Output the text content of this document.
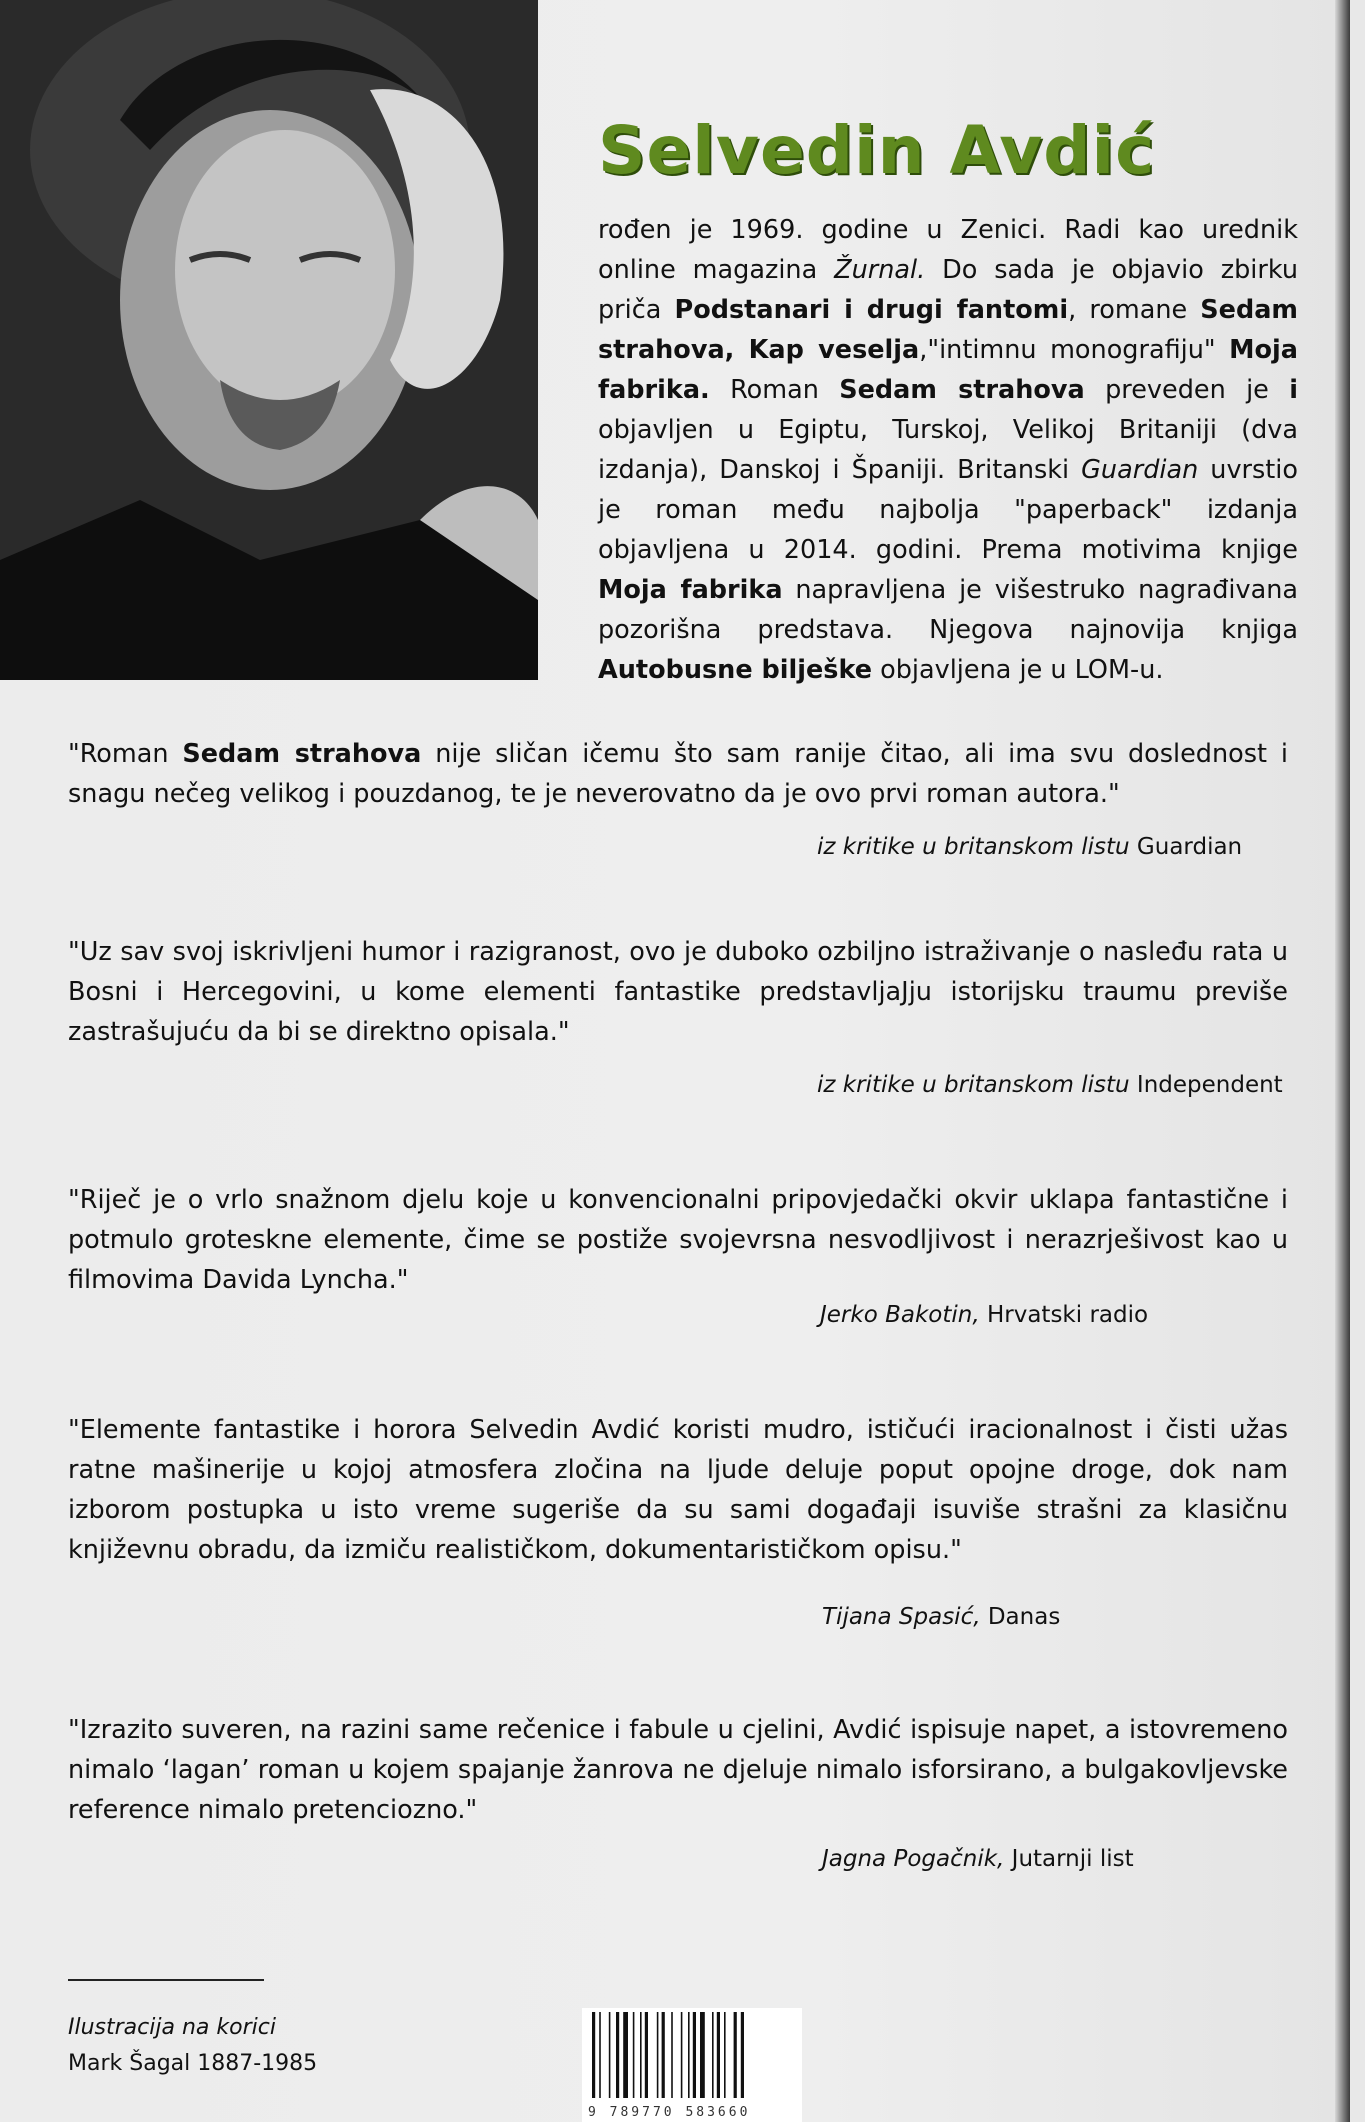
Selvedin Avdić

rođen je 1969. godine u Zenici. Radi kao urednik online magazina Žurnal. Do sada je objavio zbirku priča Podstanari i drugi fantomi, romane Sedam strahova, Kap veselja,"intimnu monografiju" Moja fabrika. Roman Sedam strahova preveden je i objavljen u Egiptu, Turskoj, Velikoj Britaniji (dva izdanja), Danskoj i Španiji. Britanski Guardian uvrstio je roman među najbolja "paperback" izdanja objavljena u 2014. godini. Prema motivima knjige Moja fabrika napravljena je višestruko nagrađivana pozorišna predstava. Njegova najnovija knjiga Autobusne bilješke objavljena je u LOM-u.

"Roman Sedam strahova nije sličan ičemu što sam ranije čitao, ali ima svu doslednost i snagu nečeg velikog i pouzdanog, te je neverovatno da je ovo prvi roman autora."

iz kritike u britanskom listu Guardian

"Uz sav svoj iskrivljeni humor i razigranost, ovo je duboko ozbiljno istraživanje o nasleđu rata u Bosni i Hercegovini, u kome elementi fantastike predstavljaJju istorijsku traumu previše zastrašujuću da bi se direktno opisala."

iz kritike u britanskom listu Independent

"Riječ je o vrlo snažnom djelu koje u konvencionalni pripovjedački okvir uklapa fantastične i potmulo groteskne elemente, čime se postiže svojevrsna nesvodljivost i nerazrješivost kao u filmovima Davida Lyncha."

Jerko Bakotin, Hrvatski radio

"Elemente fantastike i horora Selvedin Avdić koristi mudro, ističući iracionalnost i čisti užas ratne mašinerije u kojoj atmosfera zločina na ljude deluje poput opojne droge, dok nam izborom postupka u isto vreme sugeriše da su sami događaji isuviše strašni za klasičnu književnu obradu, da izmiču realističkom, dokumentarističkom opisu."

Tijana Spasić, Danas

"Izrazito suveren, na razini same rečenice i fabule u cjelini, Avdić ispisuje napet, a istovremeno nimalo ‘lagan’ roman u kojem spajanje žanrova ne djeluje nimalo isforsirano, a bulgakovljevske reference nimalo pretenciozno."

Jagna Pogačnik, Jutarnji list
Ilustracija na korici
Mark Šagal 1887-1985
9 789770 583660
